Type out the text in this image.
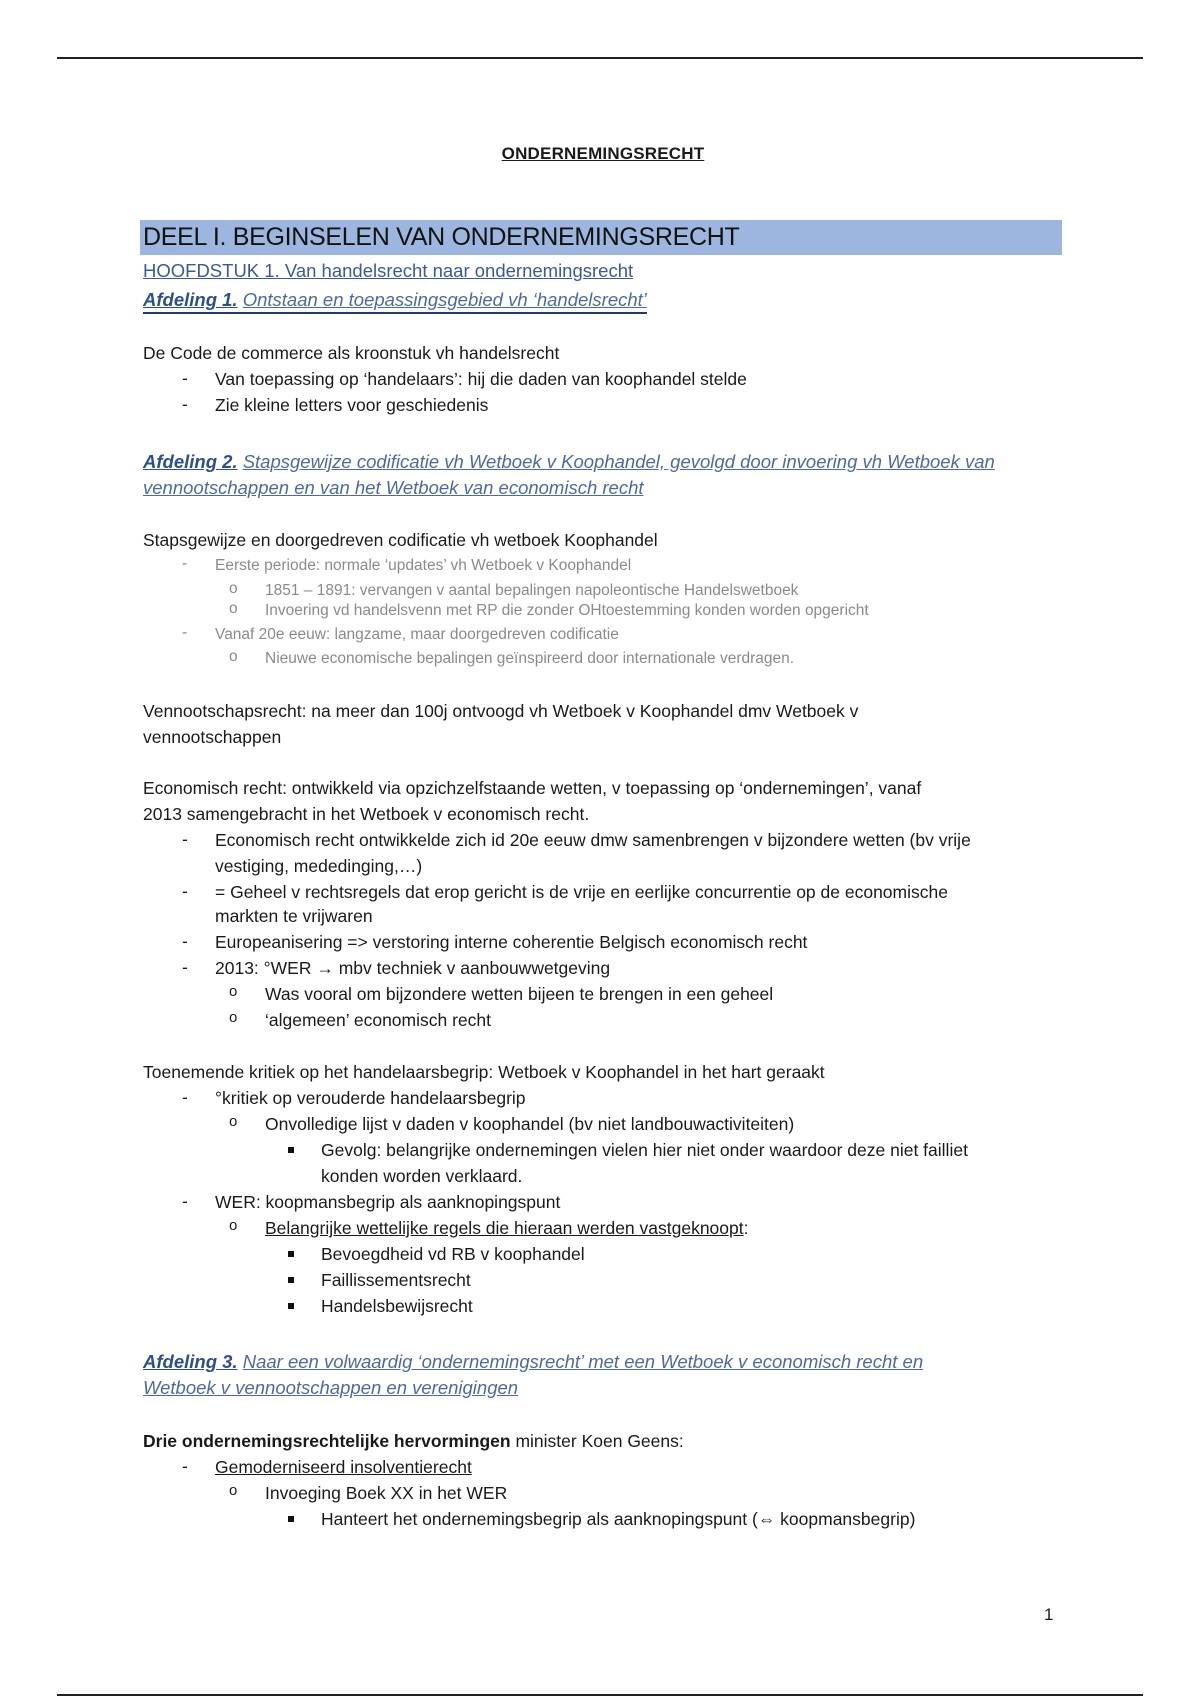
ONDERNEMINGSRECHT
DEEL I. BEGINSELEN VAN ONDERNEMINGSRECHT
HOOFDSTUK 1. Van handelsrecht naar ondernemingsrecht
Afdeling 1. Ontstaan en toepassingsgebied vh ‘handelsrecht’
De Code de commerce als kroonstuk vh handelsrecht
- Van toepassing op ‘handelaars’: hij die daden van koophandel stelde
- Zie kleine letters voor geschiedenis
Afdeling 2. Stapsgewijze codificatie vh Wetboek v Koophandel, gevolgd door invoering vh Wetboek van
vennootschappen en van het Wetboek van economisch recht
Stapsgewijze en doorgedreven codificatie vh wetboek Koophandel
- Eerste periode: normale ‘updates’ vh Wetboek v Koophandel
o 1851 – 1891: vervangen v aantal bepalingen napoleontische Handelswetboek
o Invoering vd handelsvenn met RP die zonder OHtoestemming konden worden opgericht
- Vanaf 20e eeuw: langzame, maar doorgedreven codificatie
o Nieuwe economische bepalingen geïnspireerd door internationale verdragen.
Vennootschapsrecht: na meer dan 100j ontvoogd vh Wetboek v Koophandel dmv Wetboek v
vennootschappen
Economisch recht: ontwikkeld via opzichzelfstaande wetten, v toepassing op ‘ondernemingen’, vanaf
2013 samengebracht in het Wetboek v economisch recht.
- Economisch recht ontwikkelde zich id 20e eeuw dmw samenbrengen v bijzondere wetten (bv vrije
vestiging, mededinging,…)
- = Geheel v rechtsregels dat erop gericht is de vrije en eerlijke concurrentie op de economische
markten te vrijwaren
- Europeanisering => verstoring interne coherentie Belgisch economisch recht
- 2013: °WER → mbv techniek v aanbouwwetgeving
o Was vooral om bijzondere wetten bijeen te brengen in een geheel
o ‘algemeen’ economisch recht
Toenemende kritiek op het handelaarsbegrip: Wetboek v Koophandel in het hart geraakt
- °kritiek op verouderde handelaarsbegrip
o Onvolledige lijst v daden v koophandel (bv niet landbouwactiviteiten)
Gevolg: belangrijke ondernemingen vielen hier niet onder waardoor deze niet failliet
konden worden verklaard.
- WER: koopmansbegrip als aanknopingspunt
o Belangrijke wettelijke regels die hieraan werden vastgeknoopt:
Bevoegdheid vd RB v koophandel
Faillissementsrecht
Handelsbewijsrecht
Afdeling 3. Naar een volwaardig ‘ondernemingsrecht’ met een Wetboek v economisch recht en
Wetboek v vennootschappen en verenigingen
Drie ondernemingsrechtelijke hervormingen minister Koen Geens:
- Gemoderniseerd insolventierecht
o Invoeging Boek XX in het WER
Hanteert het ondernemingsbegrip als aanknopingspunt (⇔ koopmansbegrip)
1
